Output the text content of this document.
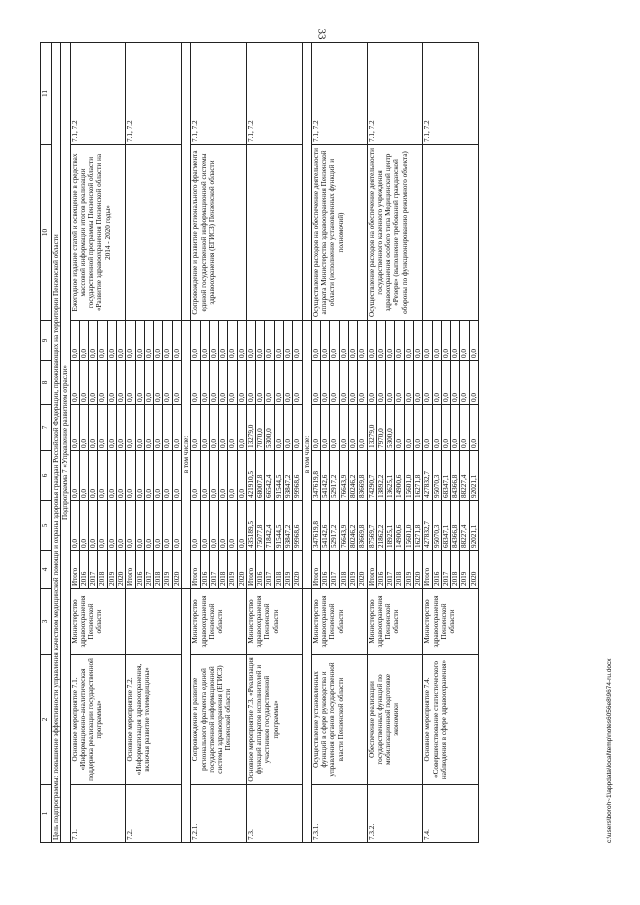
33
1	2	3	4	5	6	7	8	9	10	11
Цель подпрограммы: повышение эффективности управления качеством медицинской помощи и охраны здоровья граждан Российской Федерации, проживающих на территории Пензенской области										
Подпрограмма 7 «Управление развитием отрасли»										
7.1.	Основное мероприятие 7.1. «Информационно-аналитическая поддержка реализации государственной программы»	Министерство здравоохранения Пензенской области	Итого	0,0	0,0	0,0	0,0	0,0	Ежегодное издание статей и освещение в средствах массовой информации итогов реализации государственной программы Пензенской области «Развитие здравоохранения Пензенской области на 2014 - 2020 годы»	7.1, 7.2
			2016	0,0	0,0	0,0	0,0	0,0		
			2017	0,0	0,0	0,0	0,0	0,0		
			2018	0,0	0,0	0,0	0,0	0,0		
			2019	0,0	0,0	0,0	0,0	0,0		
			2020	0,0	0,0	0,0	0,0	0,0		
7.2.	Основное мероприятие 7.2. «Информатизация здравоохранения, включая развитие телемедицины»		Итого	0,0	0,0	0,0	0,0	0,0		7.1, 7.2
			2016	0,0	0,0	0,0	0,0	0,0		
			2017	0,0	0,0	0,0	0,0	0,0		
			2018	0,0	0,0	0,0	0,0	0,0		
			2019	0,0	0,0	0,0	0,0	0,0		
			2020	0,0	0,0	0,0	0,0	0,0		
			в том числе:							
7.2.1.	Сопровождение и развитие регионального фрагмента единой государственной информационной системы здравоохранения (ЕГИСЗ) Пензенской области	Министерство здравоохранения Пензенской области	Итого	0,0	0,0	0,0	0,0	0,0	Сопровождение и развитие регионального фрагмента единой государственной информационной системы здравоохранения (ЕГИСЗ) Пензенской области	7.1, 7.2
			2016	0,0	0,0	0,0	0,0	0,0		
			2017	0,0	0,0	0,0	0,0	0,0		
			2018	0,0	0,0	0,0	0,0	0,0		
			2019	0,0	0,0	0,0	0,0	0,0		
			2020	0,0	0,0	0,0	0,0	0,0		
7.3.	Основное мероприятие 7.3. «Реализация функций аппаратов исполнителей и участников государственной программы»	Министерство здравоохранения Пензенской области	Итого	435189,5	421910,5	13279,0	0,0	0,0		7.1, 7.2
			2016	75077,8	68007,8	7070,0	0,0	0,0		
			2017	71842,4	66542,4	5300,0	0,0	0,0		
			2018	91544,5	91544,5	0,0	0,0	0,0		
			2019	93847,2	93847,2	0,0	0,0	0,0		
			2020	99968,6	99968,6	0,0	0,0	0,0		
			в том числе:							
7.3.1.	Осуществление установленных функций в сфере руководства и управления органов государственной власти Пензенской области	Министерство здравоохранения Пензенской области	Итого	347619,8	347619,8	0,0	0,0	0,0	Осуществление расходов на обеспечение деятельности аппарата Министерства здравоохранения Пензенской области (исполнение установленных функций и полномочий)	7.1, 7.2
			2016	54142,6	54142,6	0,0	0,0	0,0		
			2017	52917,2	52917,2	0,0	0,0	0,0		
			2018	76643,9	76643,9	0,0	0,0	0,0		
			2019	80246,2	80246,2	0,0	0,0	0,0		
			2020	83669,8	83669,8	0,0	0,0	0,0		
7.3.2.	Обеспечение реализации государственных функций по мобилизационной подготовке экономики	Министерство здравоохранения Пензенской области	Итого	87569,7	74290,7	13279,0	0,0	0,0	Осуществление расходов на обеспечение деятельности государственного казенного учреждения здравоохранения особого типа Медицинский центр «Резерв» (выполнение требований гражданской обороны по функционированию режимного объекта)	7.1, 7.2
			2016	21862,2	13892,2	7970,0	0,0	0,0		
			2017	18925,1	13625,1	5300,0	0,0	0,0		
			2018	14900,6	14900,6	0,0	0,0	0,0		
			2019	15601,0	15601,0	0,0	0,0	0,0		
			2020	16271,8	16271,8	0,0	0,0	0,0		
7.4.	Основное мероприятие 7.4. «Совершенствование статистического наблюдения в сфере здравоохранения»	Министерство здравоохранения Пензенской области	Итого	427832,7	427832,7	0,0	0,0	0,0		7.1, 7.2
			2016	95070,3	95070,3	0,0	0,0	0,0		
			2017	68347,1	68347,1	0,0	0,0	0,0		
			2018	84366,8	84366,8	0,0	0,0	0,0		
			2019	88227,4	88227,4	0,0	0,0	0,0		
			2020	92021,1	92021,1	0,0	0,0	0,0		
c:\users\boroh~1\appdata\local\temp\notes6056e8\9674-ru.docx
